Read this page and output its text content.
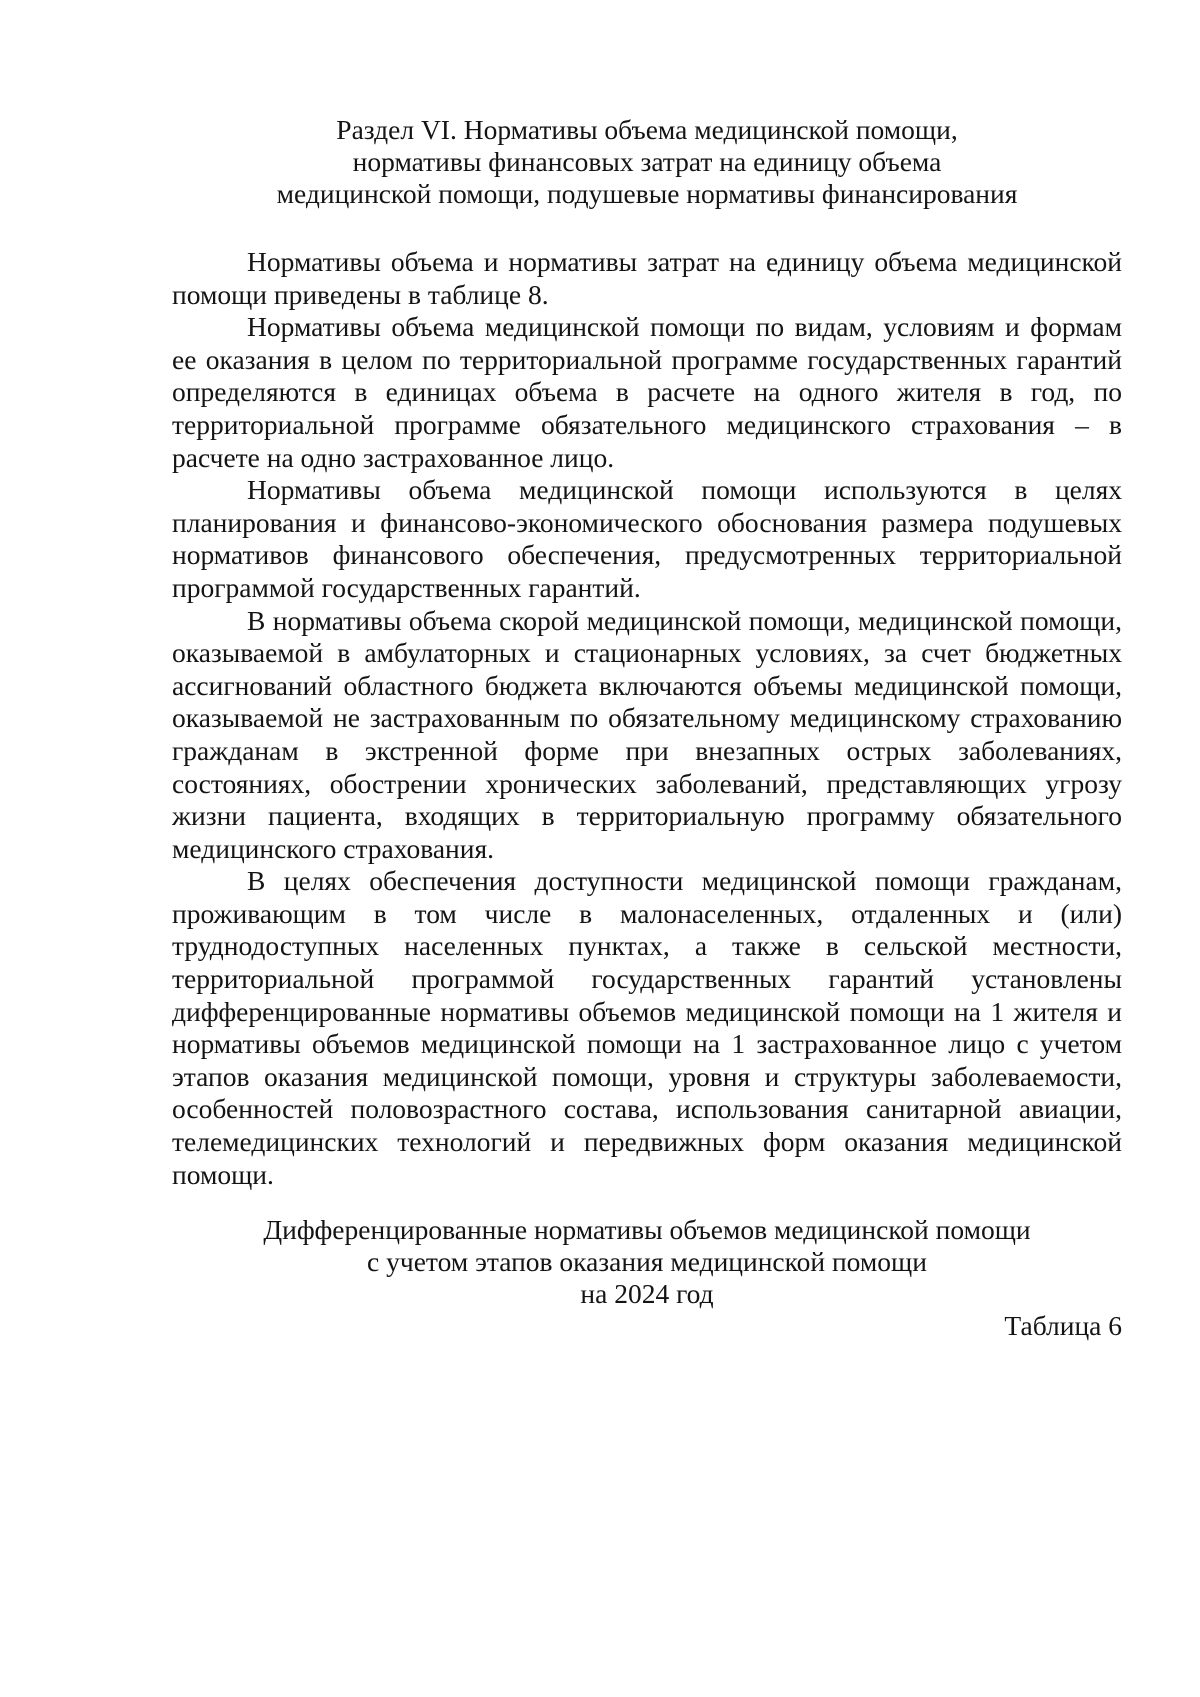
Раздел VI. Нормативы объема медицинской помощи,
нормативы финансовых затрат на единицу объема
медицинской помощи, подушевые нормативы финансирования

Нормативы объема и нормативы затрат на единицу объема медицинской помощи приведены в таблице 8.

Нормативы объема медицинской помощи по видам, условиям и формам ее оказания в целом по территориальной программе государственных гарантий определяются в единицах объема в расчете на одного жителя в год, по территориальной программе обязательного медицинского страхования – в расчете на одно застрахованное лицо.

Нормативы объема медицинской помощи используются в целях планирования и финансово-экономического обоснования размера подушевых нормативов финансового обеспечения, предусмотренных территориальной программой государственных гарантий.

В нормативы объема скорой медицинской помощи, медицинской помощи, оказываемой в амбулаторных и стационарных условиях, за счет бюджетных ассигнований областного бюджета включаются объемы медицинской помощи, оказываемой не застрахованным по обязательному медицинскому страхованию гражданам в экстренной форме при внезапных острых заболеваниях, состояниях, обострении хронических заболеваний, представляющих угрозу жизни пациента, входящих в территориальную программу обязательного медицинского страхования.

В целях обеспечения доступности медицинской помощи гражданам, проживающим в том числе в малонаселенных, отдаленных и (или) труднодоступных населенных пунктах, а также в сельской местности, территориальной программой государственных гарантий установлены дифференцированные нормативы объемов медицинской помощи на 1 жителя и нормативы объемов медицинской помощи на 1 застрахованное лицо с учетом этапов оказания медицинской помощи, уровня и структуры заболеваемости, особенностей половозрастного состава, использования санитарной авиации, телемедицинских технологий и передвижных форм оказания медицинской помощи.

Дифференцированные нормативы объемов медицинской помощи
с учетом этапов оказания медицинской помощи
на 2024 год
Таблица 6
